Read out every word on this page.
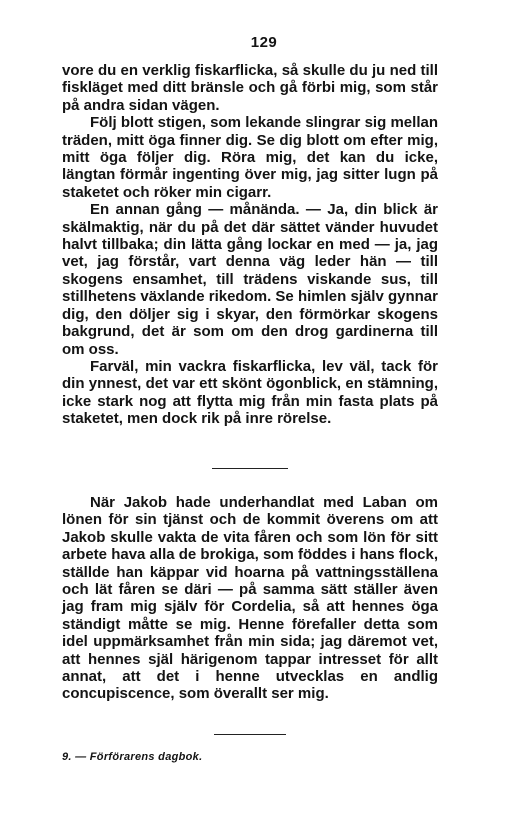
129

vore du en verklig fiskarflicka, så skulle du ju ned till fiskläget med ditt bränsle och gå förbi mig, som står på andra sidan vägen.

Följ blott stigen, som lekande slingrar sig mellan träden, mitt öga finner dig. Se dig blott om efter mig, mitt öga följer dig. Röra mig, det kan du icke, längtan förmår ingenting över mig, jag sitter lugn på staketet och röker min cigarr.

En annan gång — månända. — Ja, din blick är skälmaktig, när du på det där sättet vänder huvudet halvt tillbaka; din lätta gång lockar en med — ja, jag vet, jag förstår, vart denna väg leder hän — till skogens ensamhet, till trädens viskande sus, till stillhetens växlande rikedom. Se himlen själv gynnar dig, den döljer sig i skyar, den förmörkar skogens bakgrund, det är som om den drog gardinerna till om oss.

Farväl, min vackra fiskarflicka, lev väl, tack för din ynnest, det var ett skönt ögonblick, en stämning, icke stark nog att flytta mig från min fasta plats på staketet, men dock rik på inre rörelse.

När Jakob hade underhandlat med Laban om lönen för sin tjänst och de kommit överens om att Jakob skulle vakta de vita fåren och som lön för sitt arbete hava alla de brokiga, som föddes i hans flock, ställde han käppar vid hoarna på vattningsställena och lät fåren se däri — på samma sätt ställer även jag fram mig själv för Cordelia, så att hennes öga ständigt måtte se mig. Henne förefaller detta som idel uppmärksamhet från min sida; jag däremot vet, att hennes själ härigenom tappar intresset för allt annat, att det i henne utvecklas en andlig concupiscence, som överallt ser mig.

9. — Förförarens dagbok.
